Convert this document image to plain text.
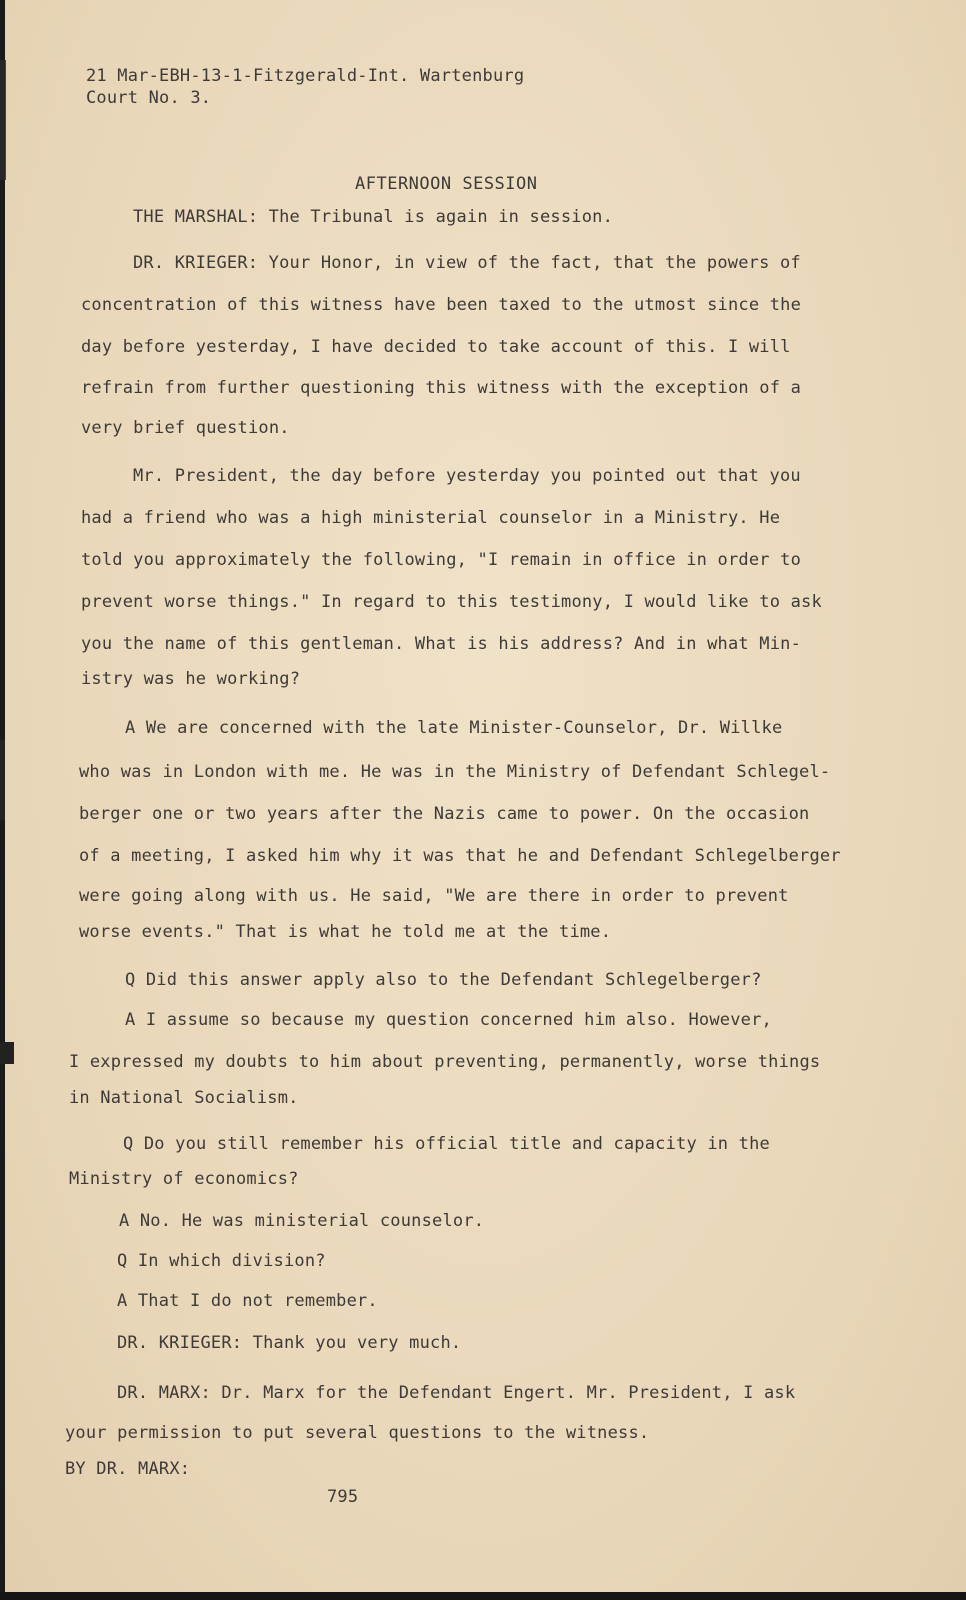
21 Mar-EBH-13-1-Fitzgerald-Int. Wartenburg
Court No. 3.
AFTERNOON SESSION
THE MARSHAL: The Tribunal is again in session.
DR. KRIEGER: Your Honor, in view of the fact, that the powers of
concentration of this witness have been taxed to the utmost since the
day before yesterday, I have decided to take account of this. I will
refrain from further questioning this witness with the exception of a
very brief question.
Mr. President, the day before yesterday you pointed out that you
had a friend who was a high ministerial counselor in a Ministry. He
told you approximately the following, "I remain in office in order to
prevent worse things." In regard to this testimony, I would like to ask
you the name of this gentleman. What is his address? And in what Min-
istry was he working?
A We are concerned with the late Minister-Counselor, Dr. Willke
who was in London with me. He was in the Ministry of Defendant Schlegel-
berger one or two years after the Nazis came to power. On the occasion
of a meeting, I asked him why it was that he and Defendant Schlegelberger
were going along with us. He said, "We are there in order to prevent
worse events." That is what he told me at the time.
Q Did this answer apply also to the Defendant Schlegelberger?
A I assume so because my question concerned him also. However,
I expressed my doubts to him about preventing, permanently, worse things
in National Socialism.
Q Do you still remember his official title and capacity in the
Ministry of economics?
A No. He was ministerial counselor.
Q In which division?
A That I do not remember.
DR. KRIEGER: Thank you very much.
DR. MARX: Dr. Marx for the Defendant Engert. Mr. President, I ask
your permission to put several questions to the witness.
BY DR. MARX:
795
